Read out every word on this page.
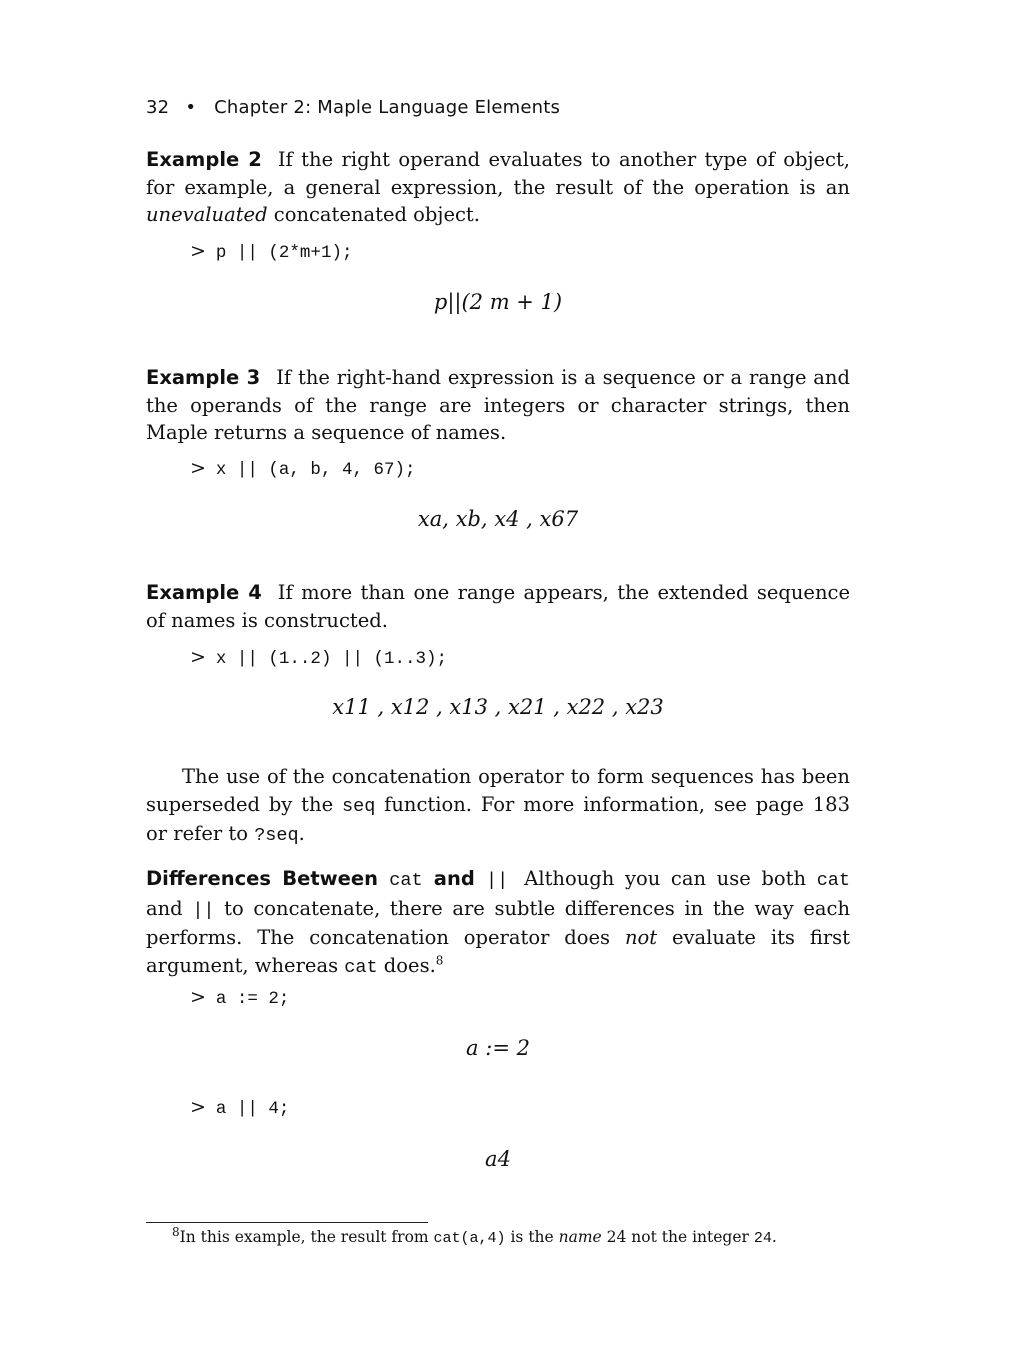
32 • Chapter 2: Maple Language Elements
Example 2 If the right operand evaluates to another type of object, for example, a general expression, the result of the operation is an unevaluated concatenated object.
> p || (2*m+1);
p||(2 m + 1)
Example 3 If the right-hand expression is a sequence or a range and the operands of the range are integers or character strings, then Maple returns a sequence of names.
> x || (a, b, 4, 67);
xa, xb, x4 , x67
Example 4 If more than one range appears, the extended sequence of names is constructed.
> x || (1..2) || (1..3);
x11 , x12 , x13 , x21 , x22 , x23
The use of the concatenation operator to form sequences has been superseded by the seq function. For more information, see page 183 or refer to ?seq.
Differences Between cat and || Although you can use both cat and || to concatenate, there are subtle differences in the way each performs. The concatenation operator does not evaluate its first argument, whereas cat does.$^8$
> a := 2;
a := 2
> a || 4;
a4
$^8$In this example, the result from cat(a,4) is the name 24 not the integer 24.
